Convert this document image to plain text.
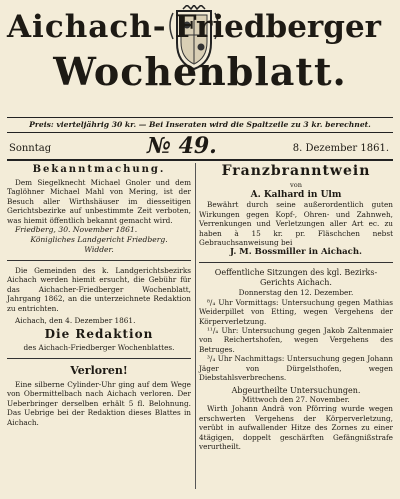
Aichach- Friedberger
Wochenblatt.
Preis: vierteljährig 30 kr. — Bei Inseraten wird die Spaltzeile zu 3 kr. berechnet.
Sonntag	№ 49.	8. Dezember 1861.
Bekanntmachung.
Dem Siegelknecht Michael Gnoler und dem Taglöhner Michael Mahl von Mering, ist der Besuch aller Wirthshäuser im diesseitigen Gerichtsbezirke auf unbestimmte Zeit verboten, was hiemit öffentlich bekannt gemacht wird.
Friedberg, 30. November 1861.
Königliches Landgericht Friedberg.
Widder.
Die Gemeinden des k. Landgerichtsbezirks Aichach werden hiemit ersucht, die Gebühr für das Aichacher-Friedberger Wochenblatt, Jahrgang 1862, an die unterzeichnete Redaktion zu entrichten.
Aichach, den 4. Dezember 1861.
Die Redaktion
des Aichach-Friedberger Wochenblattes.
Verloren!
Eine silberne Cylinder-Uhr ging auf dem Wege von Obermittelbach nach Aichach verloren. Der Ueberbringer derselben erhält 5 fl. Belohnung. Das Uebrige bei der Redaktion dieses Blattes in Aichach.
Franzbranntwein
von
A. Kalhard in Ulm
Bewährt durch seine außerordentlich guten Wirkungen gegen Kopf-, Ohren- und Zahnweh, Verrenkungen und Verletzungen aller Art ec. zu haben à 15 kr. pr. Fläschchen nebst Gebrauchsanweisung bei
J. M. Bossmiller in Aichach.
Oeffentliche Sitzungen des kgl. Bezirks-Gerichts Aichach.
Donnerstag den 12. Dezember.
⁸/₄ Uhr Vormittags: Untersuchung gegen Mathias Weiderpillet von Etting, wegen Vergehens der Körperverletzung.
¹¹/₄ Uhr: Untersuchung gegen Jakob Zaltenmaier von Reichertshofen, wegen Vergehens des Betruges.
³/₄ Uhr Nachmittags: Untersuchung gegen Johann Jäger von Dürgelsthofen, wegen Diebstahlsverbrechens.
Abgeurtheilte Untersuchungen.
Mittwoch den 27. November.
Wirth Johann Andrä von Pförring wurde wegen erschwerten Vergehens der Körperverletzung, verübt in aufwallender Hitze des Zornes zu einer 4tägigen, doppelt geschärften Gefängnißstrafe verurtheilt.
